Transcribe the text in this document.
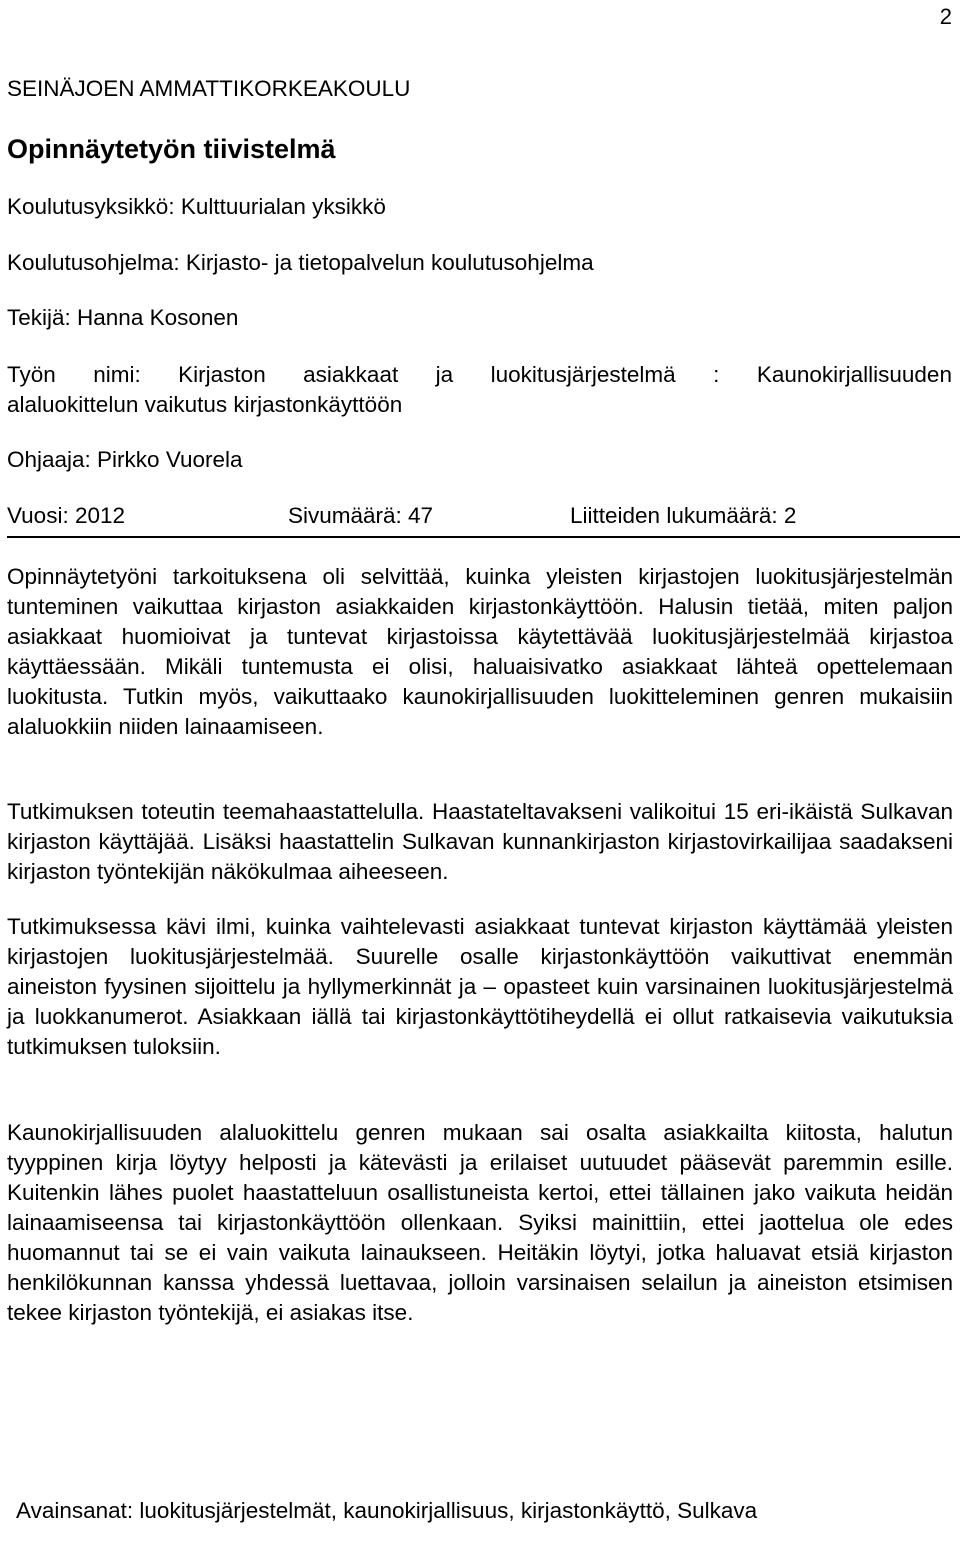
2
SEINÄJOEN AMMATTIKORKEAKOULU
Opinnäytetyön tiivistelmä
Koulutusyksikkö: Kulttuurialan yksikkö
Koulutusohjelma: Kirjasto- ja tietopalvelun koulutusohjelma
Tekijä: Hanna Kosonen
Työn nimi: Kirjaston asiakkaat ja luokitusjärjestelmä : Kaunokirjallisuuden
alaluokittelun vaikutus kirjastonkäyttöön
Ohjaaja: Pirkko Vuorela
Vuosi: 2012	Sivumäärä: 47	Liitteiden lukumäärä: 2

Opinnäytetyöni tarkoituksena oli selvittää, kuinka yleisten kirjastojen luokitusjärjestelmän tunteminen vaikuttaa kirjaston asiakkaiden kirjastonkäyttöön. Halusin tietää, miten paljon asiakkaat huomioivat ja tuntevat kirjastoissa käytettävää luokitusjärjestelmää kirjastoa käyttäessään. Mikäli tuntemusta ei olisi, haluaisivatko asiakkaat lähteä opettelemaan luokitusta. Tutkin myös, vaikuttaako kaunokirjallisuuden luokitteleminen genren mukaisiin alaluokkiin niiden lainaamiseen.

Tutkimuksen toteutin teemahaastattelulla. Haastateltavakseni valikoitui 15 eri-ikäistä Sulkavan kirjaston käyttäjää. Lisäksi haastattelin Sulkavan kunnankirjaston kirjastovirkailijaa saadakseni kirjaston työntekijän näkökulmaa aiheeseen.

Tutkimuksessa kävi ilmi, kuinka vaihtelevasti asiakkaat tuntevat kirjaston käyttämää yleisten kirjastojen luokitusjärjestelmää. Suurelle osalle kirjastonkäyttöön vaikuttivat enemmän aineiston fyysinen sijoittelu ja hyllymerkinnät ja – opasteet kuin varsinainen luokitusjärjestelmä ja luokkanumerot. Asiakkaan iällä tai kirjastonkäyttötiheydellä ei ollut ratkaisevia vaikutuksia tutkimuksen tuloksiin.

Kaunokirjallisuuden alaluokittelu genren mukaan sai osalta asiakkailta kiitosta, halutun tyyppinen kirja löytyy helposti ja kätevästi ja erilaiset uutuudet pääsevät paremmin esille. Kuitenkin lähes puolet haastatteluun osallistuneista kertoi, ettei tällainen jako vaikuta heidän lainaamiseensa tai kirjastonkäyttöön ollenkaan. Syiksi mainittiin, ettei jaottelua ole edes huomannut tai se ei vain vaikuta lainaukseen. Heitäkin löytyi, jotka haluavat etsiä kirjaston henkilökunnan kanssa yhdessä luettavaa, jolloin varsinaisen selailun ja aineiston etsimisen tekee kirjaston työntekijä, ei asiakas itse.

Avainsanat: luokitusjärjestelmät, kaunokirjallisuus, kirjastonkäyttö, Sulkava
